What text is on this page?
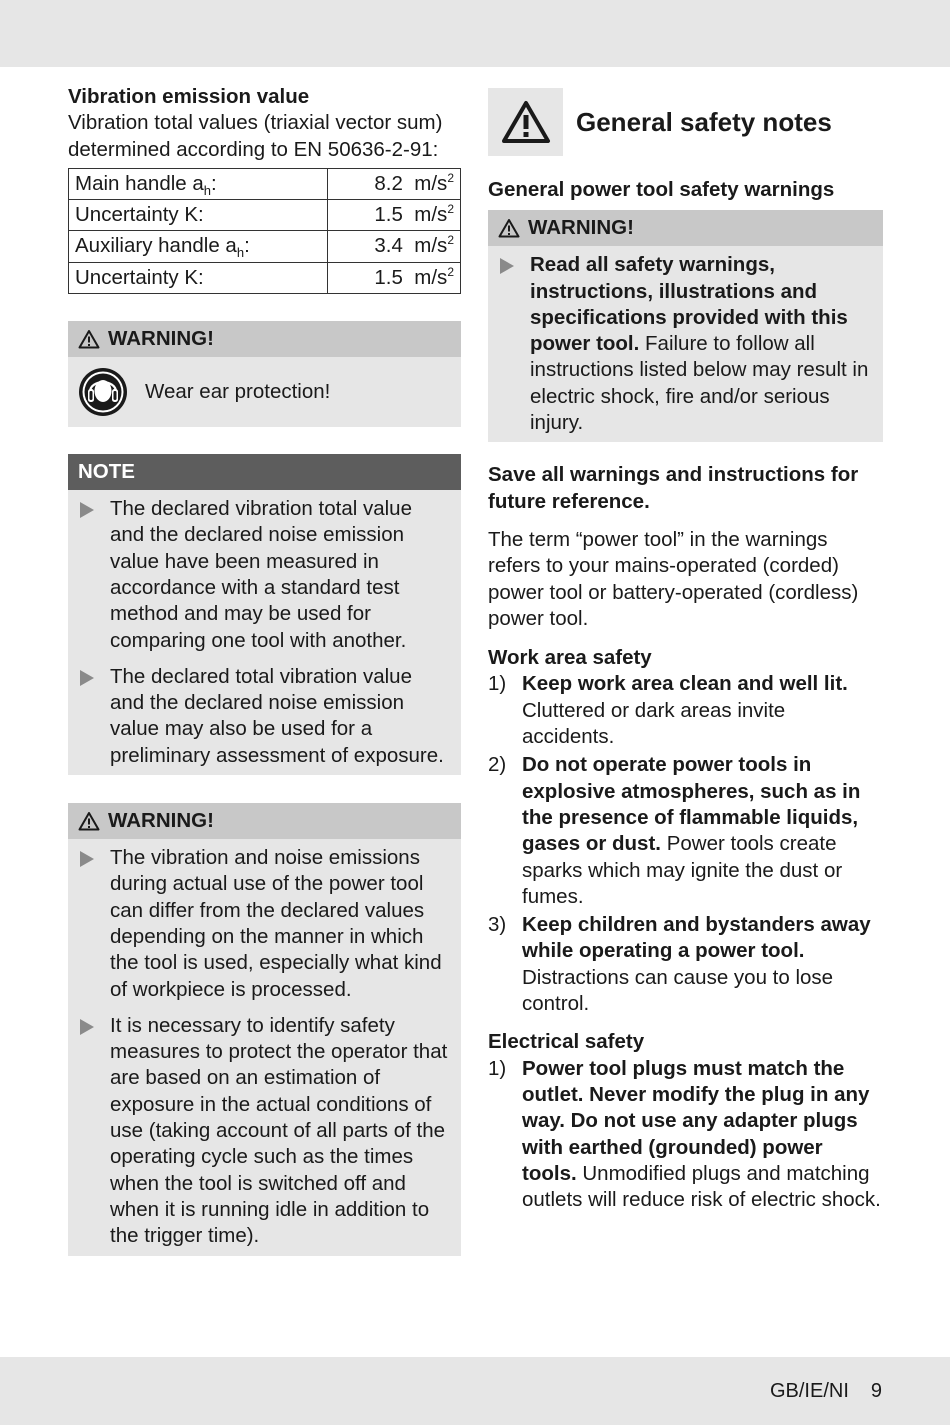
Vibration emission value

Vibration total values (triaxial vector sum) determined according to EN 50636-2-91:

Main handle $a_h$:	8.2 $m/s^2$
Uncertainty K:	1.5 $m/s^2$
Auxiliary handle $a_h$:	3.4 $m/s^2$
Uncertainty K:	1.5 $m/s^2$
WARNING!
Wear ear protection!
NOTE
The declared vibration total value and the declared noise emission value have been measured in accordance with a standard test method and may be used for comparing one tool with another.
The declared total vibration value and the declared noise emission value may also be used for a preliminary assessment of exposure.
WARNING!
The vibration and noise emissions during actual use of the power tool can differ from the declared values depending on the manner in which the tool is used, especially what kind of workpiece is processed.
It is necessary to identify safety measures to protect the operator that are based on an estimation of exposure in the actual conditions of use (taking account of all parts of the operating cycle such as the times when the tool is switched off and when it is running idle in addition to the trigger time).
General safety notes

General power tool safety warnings

WARNING!
Read all safety warnings, instructions, illustrations and specifications provided with this power tool. Failure to follow all instructions listed below may result in electric shock, fire and/or serious injury.

Save all warnings and instructions for future reference.

The term “power tool” in the warnings refers to your mains-operated (corded) power tool or battery-operated (cordless) power tool.

Work area safety

1) Keep work area clean and well lit. Cluttered or dark areas invite accidents.
2) Do not operate power tools in explosive atmospheres, such as in the presence of flammable liquids, gases or dust. Power tools create sparks which may ignite the dust or fumes.
3) Keep children and bystanders away while operating a power tool. Distractions can cause you to lose control.

Electrical safety

1) Power tool plugs must match the outlet. Never modify the plug in any way. Do not use any adapter plugs with earthed (grounded) power tools. Unmodified plugs and matching outlets will reduce risk of electric shock.
GB/IE/NI 9
